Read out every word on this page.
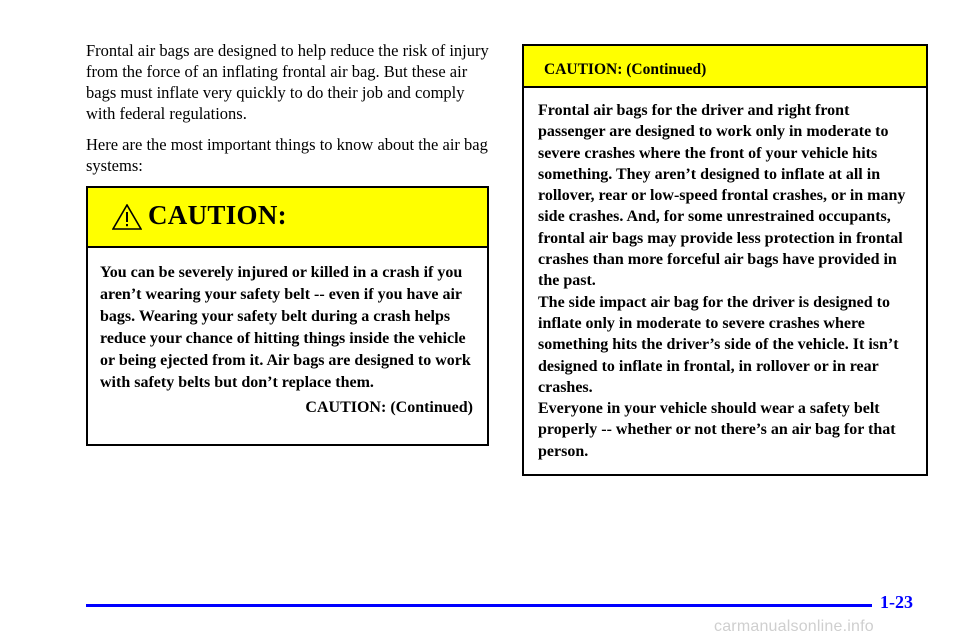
Frontal air bags are designed to help reduce the risk of injury from the force of an inflating frontal air bag. But these air bags must inflate very quickly to do their job and comply with federal regulations.

Here are the most important things to know about the air bag systems:

CAUTION:

You can be severely injured or killed in a crash if you aren’t wearing your safety belt -- even if you have air bags. Wearing your safety belt during a crash helps reduce your chance of hitting things inside the vehicle or being ejected from it. Air bags are designed to work with safety belts but don’t replace them.

CAUTION: (Continued)

CAUTION: (Continued)

Frontal air bags for the driver and right front passenger are designed to work only in moderate to severe crashes where the front of your vehicle hits something. They aren’t designed to inflate at all in rollover, rear or low-speed frontal crashes, or in many side crashes. And, for some unrestrained occupants, frontal air bags may provide less protection in frontal crashes than more forceful air bags have provided in the past.

The side impact air bag for the driver is designed to inflate only in moderate to severe crashes where something hits the driver’s side of the vehicle. It isn’t designed to inflate in frontal, in rollover or in rear crashes.

Everyone in your vehicle should wear a safety belt properly -- whether or not there’s an air bag for that person.

1-23
carmanualsonline.info
